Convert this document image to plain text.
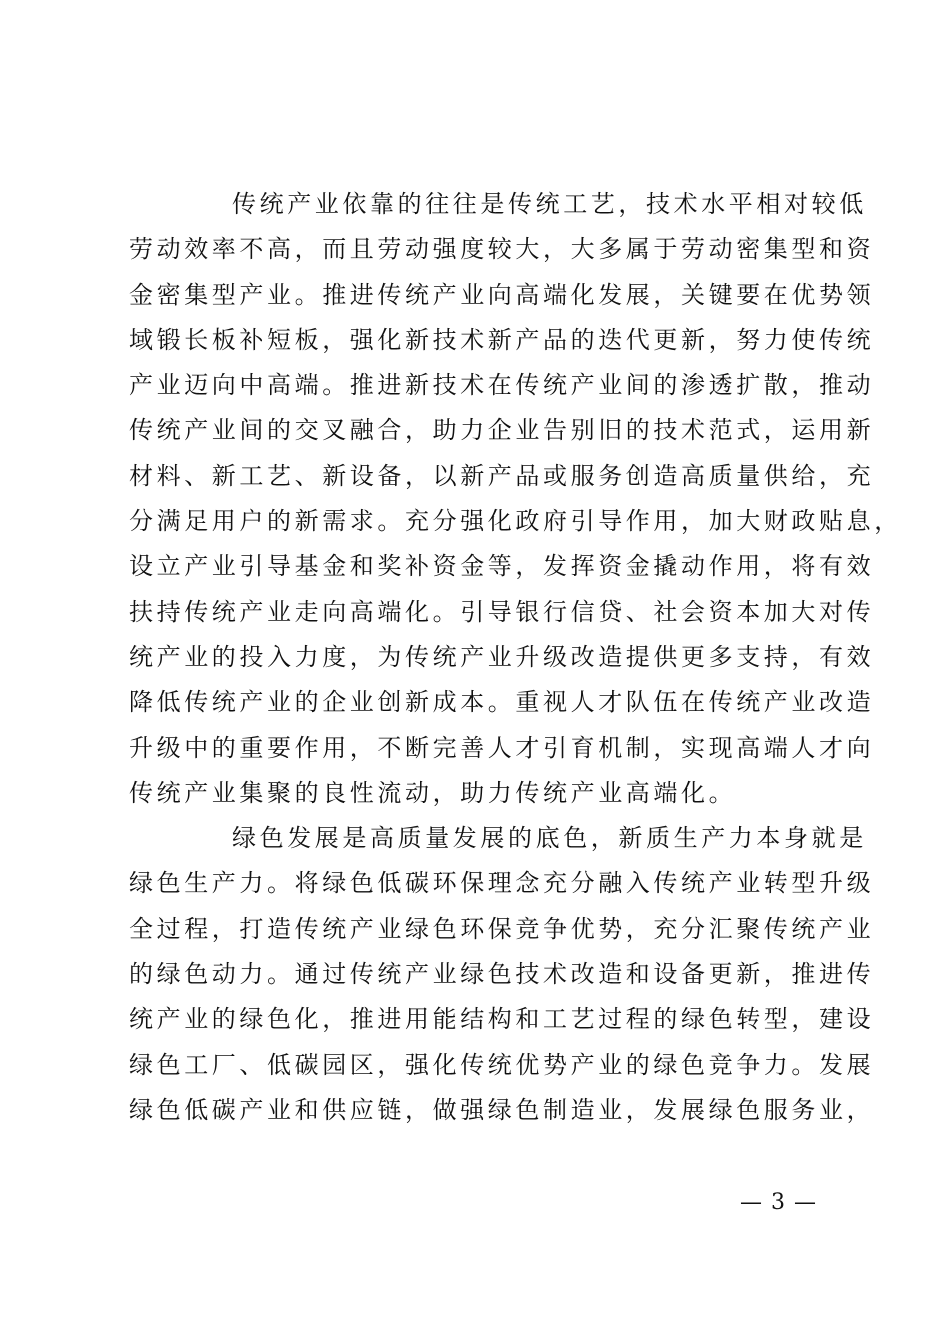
传统产业依靠的往往是传统工艺，技术水平相对较低
劳动效率不高，而且劳动强度较大，大多属于劳动密集型和资
金密集型产业。推进传统产业向高端化发展，关键要在优势领
域锻长板补短板，强化新技术新产品的迭代更新，努力使传统
产业迈向中高端。推进新技术在传统产业间的渗透扩散，推动
传统产业间的交叉融合，助力企业告别旧的技术范式，运用新
材料、新工艺、新设备，以新产品或服务创造高质量供给，充
分满足用户的新需求。充分强化政府引导作用，加大财政贴息，
设立产业引导基金和奖补资金等，发挥资金撬动作用，将有效
扶持传统产业走向高端化。引导银行信贷、社会资本加大对传
统产业的投入力度，为传统产业升级改造提供更多支持，有效
降低传统产业的企业创新成本。重视人才队伍在传统产业改造
升级中的重要作用，不断完善人才引育机制，实现高端人才向
传统产业集聚的良性流动，助力传统产业高端化。
绿色发展是高质量发展的底色，新质生产力本身就是
绿色生产力。将绿色低碳环保理念充分融入传统产业转型升级
全过程，打造传统产业绿色环保竞争优势，充分汇聚传统产业
的绿色动力。通过传统产业绿色技术改造和设备更新，推进传
统产业的绿色化，推进用能结构和工艺过程的绿色转型，建设
绿色工厂、低碳园区，强化传统优势产业的绿色竞争力。发展
绿色低碳产业和供应链，做强绿色制造业，发展绿色服务业，
— 3 —
